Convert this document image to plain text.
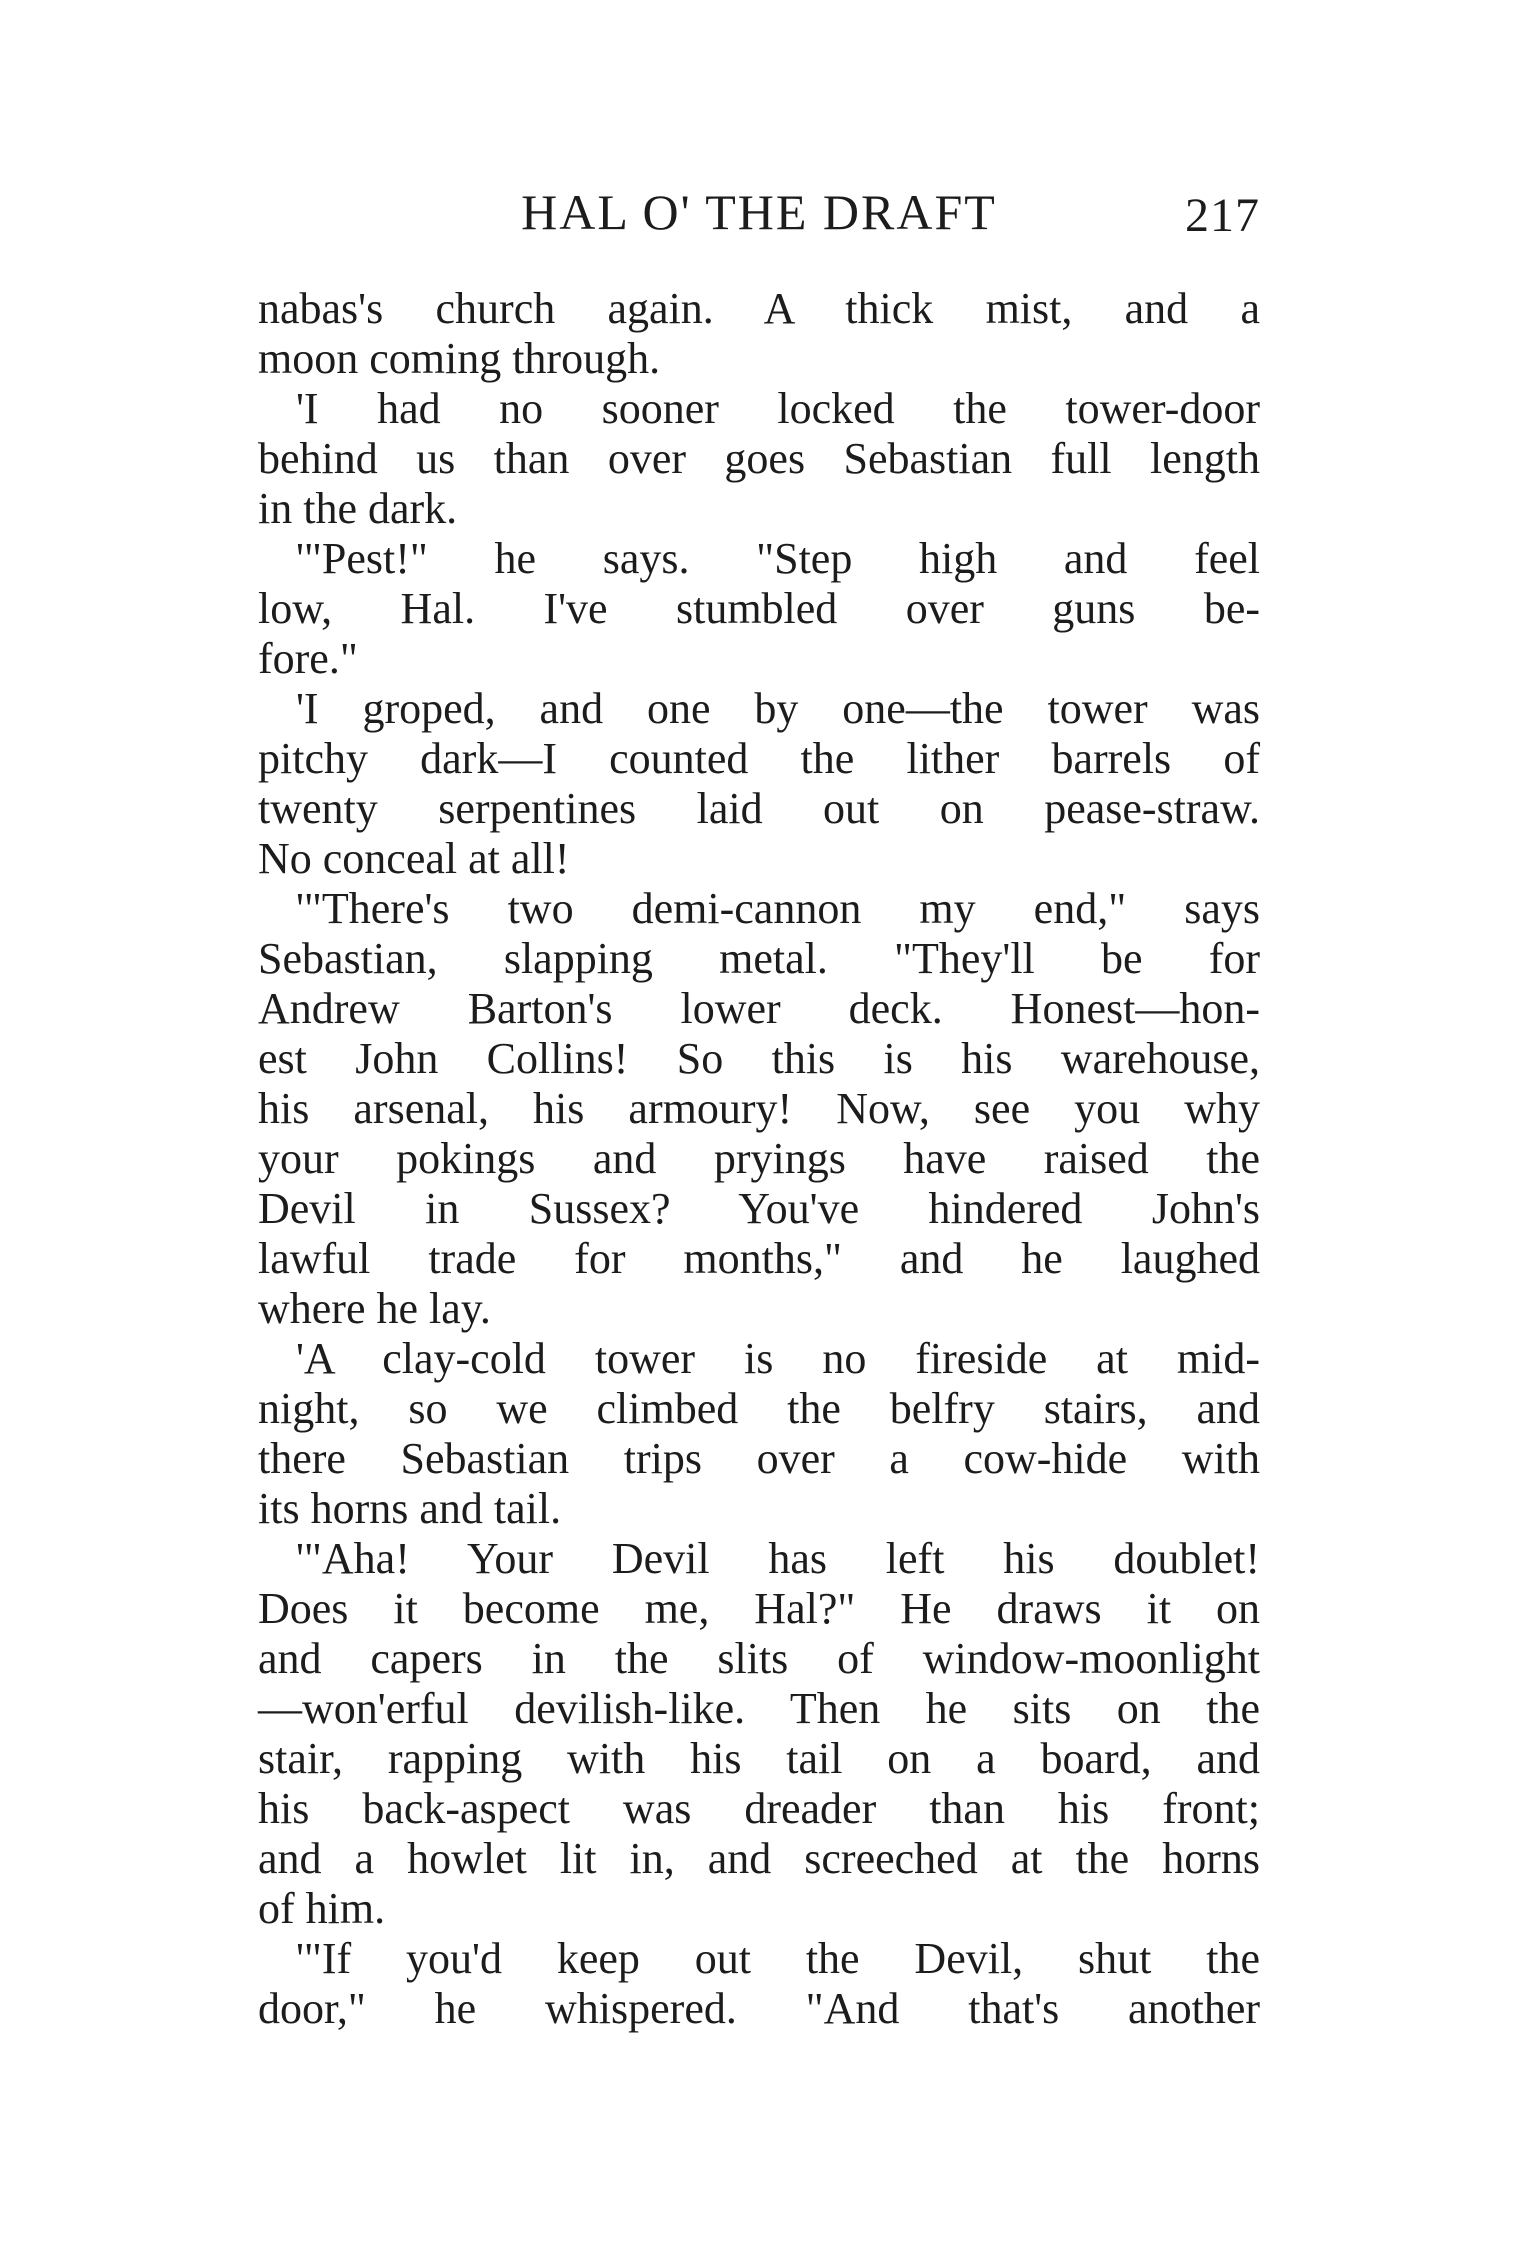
HAL O' THE DRAFT	217
nabas's church again. A thick mist, and a
moon coming through.
'I had no sooner locked the tower-door
behind us than over goes Sebastian full length
in the dark.
'"Pest!" he says. "Step high and feel
low, Hal. I've stumbled over guns be-
fore."
'I groped, and one by one—the tower was
pitchy dark—I counted the lither barrels of
twenty serpentines laid out on pease-straw.
No conceal at all!
'"There's two demi-cannon my end," says
Sebastian, slapping metal. "They'll be for
Andrew Barton's lower deck. Honest—hon-
est John Collins! So this is his warehouse,
his arsenal, his armoury! Now, see you why
your pokings and pryings have raised the
Devil in Sussex? You've hindered John's
lawful trade for months," and he laughed
where he lay.
'A clay-cold tower is no fireside at mid-
night, so we climbed the belfry stairs, and
there Sebastian trips over a cow-hide with
its horns and tail.
'"Aha! Your Devil has left his doublet!
Does it become me, Hal?" He draws it on
and capers in the slits of window-moonlight
—won'erful devilish-like. Then he sits on the
stair, rapping with his tail on a board, and
his back-aspect was dreader than his front;
and a howlet lit in, and screeched at the horns
of him.
'"If you'd keep out the Devil, shut the
door," he whispered. "And that's another
